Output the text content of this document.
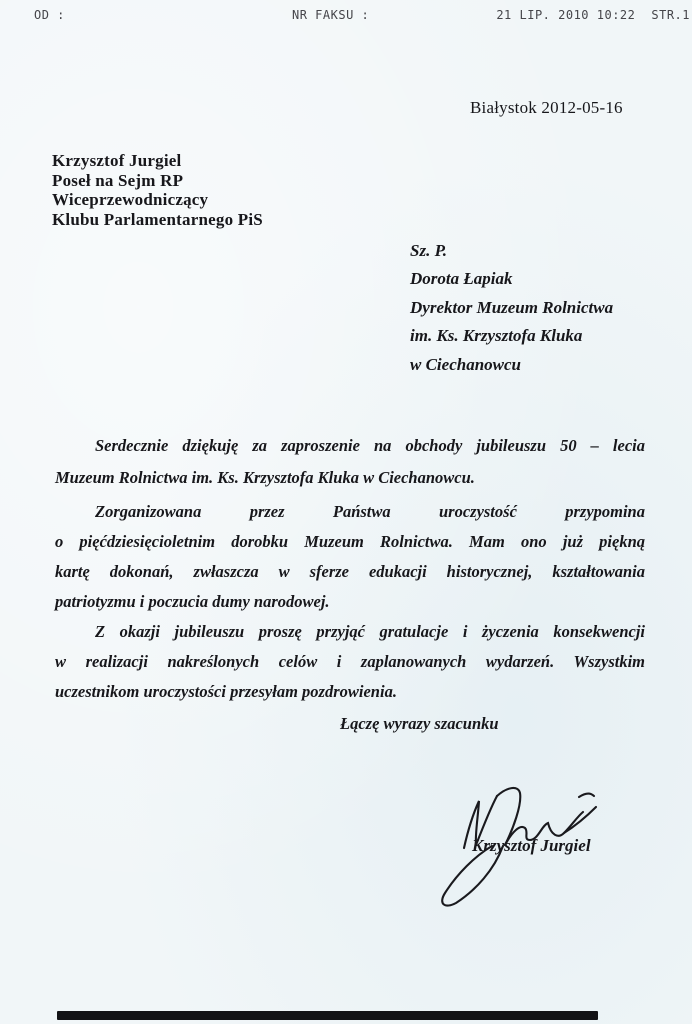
OD :	NR FAKSU :	21 LIP. 2010 10:22 STR.1
Białystok 2012-05-16
Krzysztof Jurgiel
Poseł na Sejm RP
Wiceprzewodniczący
Klubu Parlamentarnego PiS
Sz. P.
Dorota Łapiak
Dyrektor Muzeum Rolnictwa
im. Ks. Krzysztofa Kluka
w Ciechanowcu
Serdecznie dziękuję za zaproszenie na obchody jubileuszu 50 – lecia
Muzeum Rolnictwa im. Ks. Krzysztofa Kluka w Ciechanowcu.
Zorganizowana przez Państwa uroczystość przypomina
o pięćdziesięcioletnim dorobku Muzeum Rolnictwa. Mam ono już piękną
kartę dokonań, zwłaszcza w sferze edukacji historycznej, kształtowania
patriotyzmu i poczucia dumy narodowej.
Z okazji jubileuszu proszę przyjąć gratulacje i życzenia konsekwencji
w realizacji nakreślonych celów i zaplanowanych wydarzeń. Wszystkim
uczestnikom uroczystości przesyłam pozdrowienia.
Łączę wyrazy szacunku
Krzysztof Jurgiel
